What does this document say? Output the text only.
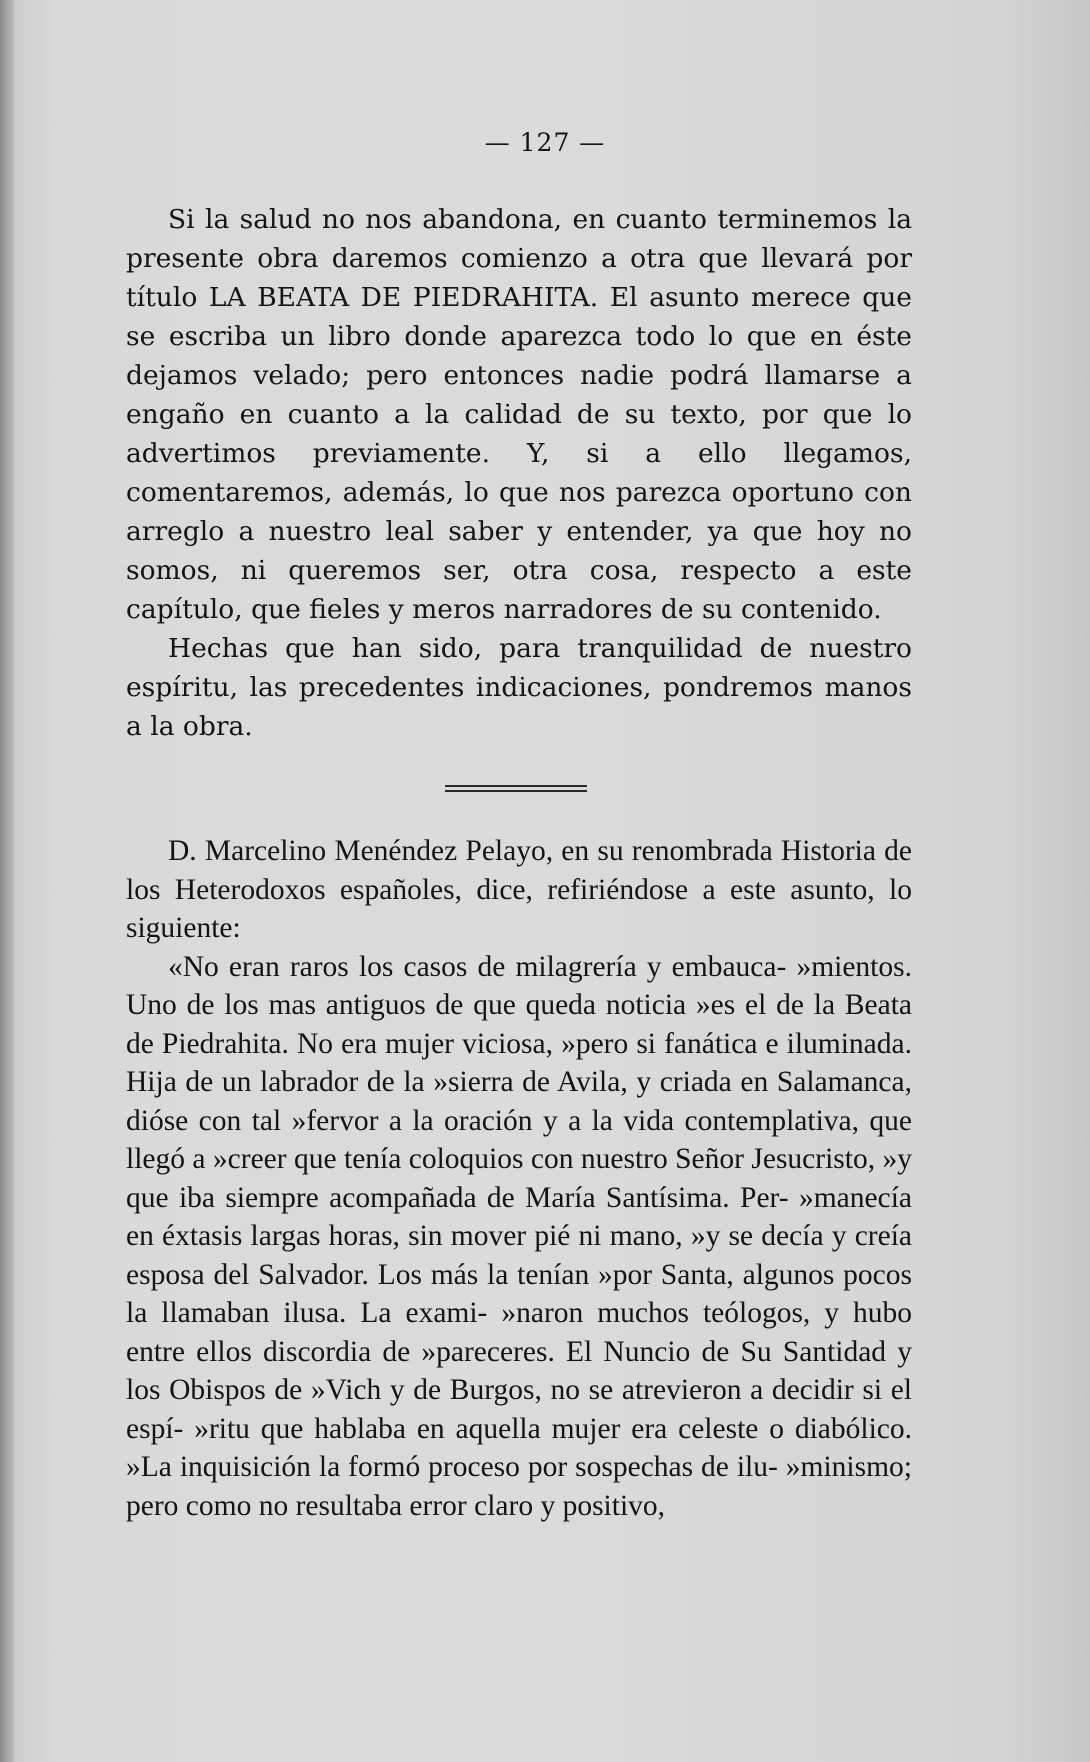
— 127 —

Si la salud no nos abandona, en cuanto terminemos la presente obra daremos comienzo a otra que llevará por título LA BEATA DE PIEDRAHITA. El asunto merece que se escriba un libro donde aparezca todo lo que en éste dejamos velado; pero entonces nadie podrá llamarse a engaño en cuanto a la calidad de su texto, por que lo advertimos previamente. Y, si a ello llegamos, comentaremos, además, lo que nos parezca oportuno con arreglo a nuestro leal saber y entender, ya que hoy no somos, ni queremos ser, otra cosa, respecto a este capítulo, que fieles y meros narradores de su contenido.

Hechas que han sido, para tranquilidad de nuestro espíritu, las precedentes indicaciones, pondremos manos a la obra.

D. Marcelino Menéndez Pelayo, en su renombrada Historia de los Heterodoxos españoles, dice, refiriéndose a este asunto, lo siguiente:

«No eran raros los casos de milagrería y embauca- »mientos. Uno de los mas antiguos de que queda noticia »es el de la Beata de Piedrahita. No era mujer viciosa, »pero si fanática e iluminada. Hija de un labrador de la »sierra de Avila, y criada en Salamanca, dióse con tal »fervor a la oración y a la vida contemplativa, que llegó a »creer que tenía coloquios con nuestro Señor Jesucristo, »y que iba siempre acompañada de María Santísima. Per- »manecía en éxtasis largas horas, sin mover pié ni mano, »y se decía y creía esposa del Salvador. Los más la tenían »por Santa, algunos pocos la llamaban ilusa. La exami- »naron muchos teólogos, y hubo entre ellos discordia de »pareceres. El Nuncio de Su Santidad y los Obispos de »Vich y de Burgos, no se atrevieron a decidir si el espí- »ritu que hablaba en aquella mujer era celeste o diabólico. »La inquisición la formó proceso por sospechas de ilu- »minismo; pero como no resultaba error claro y positivo,
